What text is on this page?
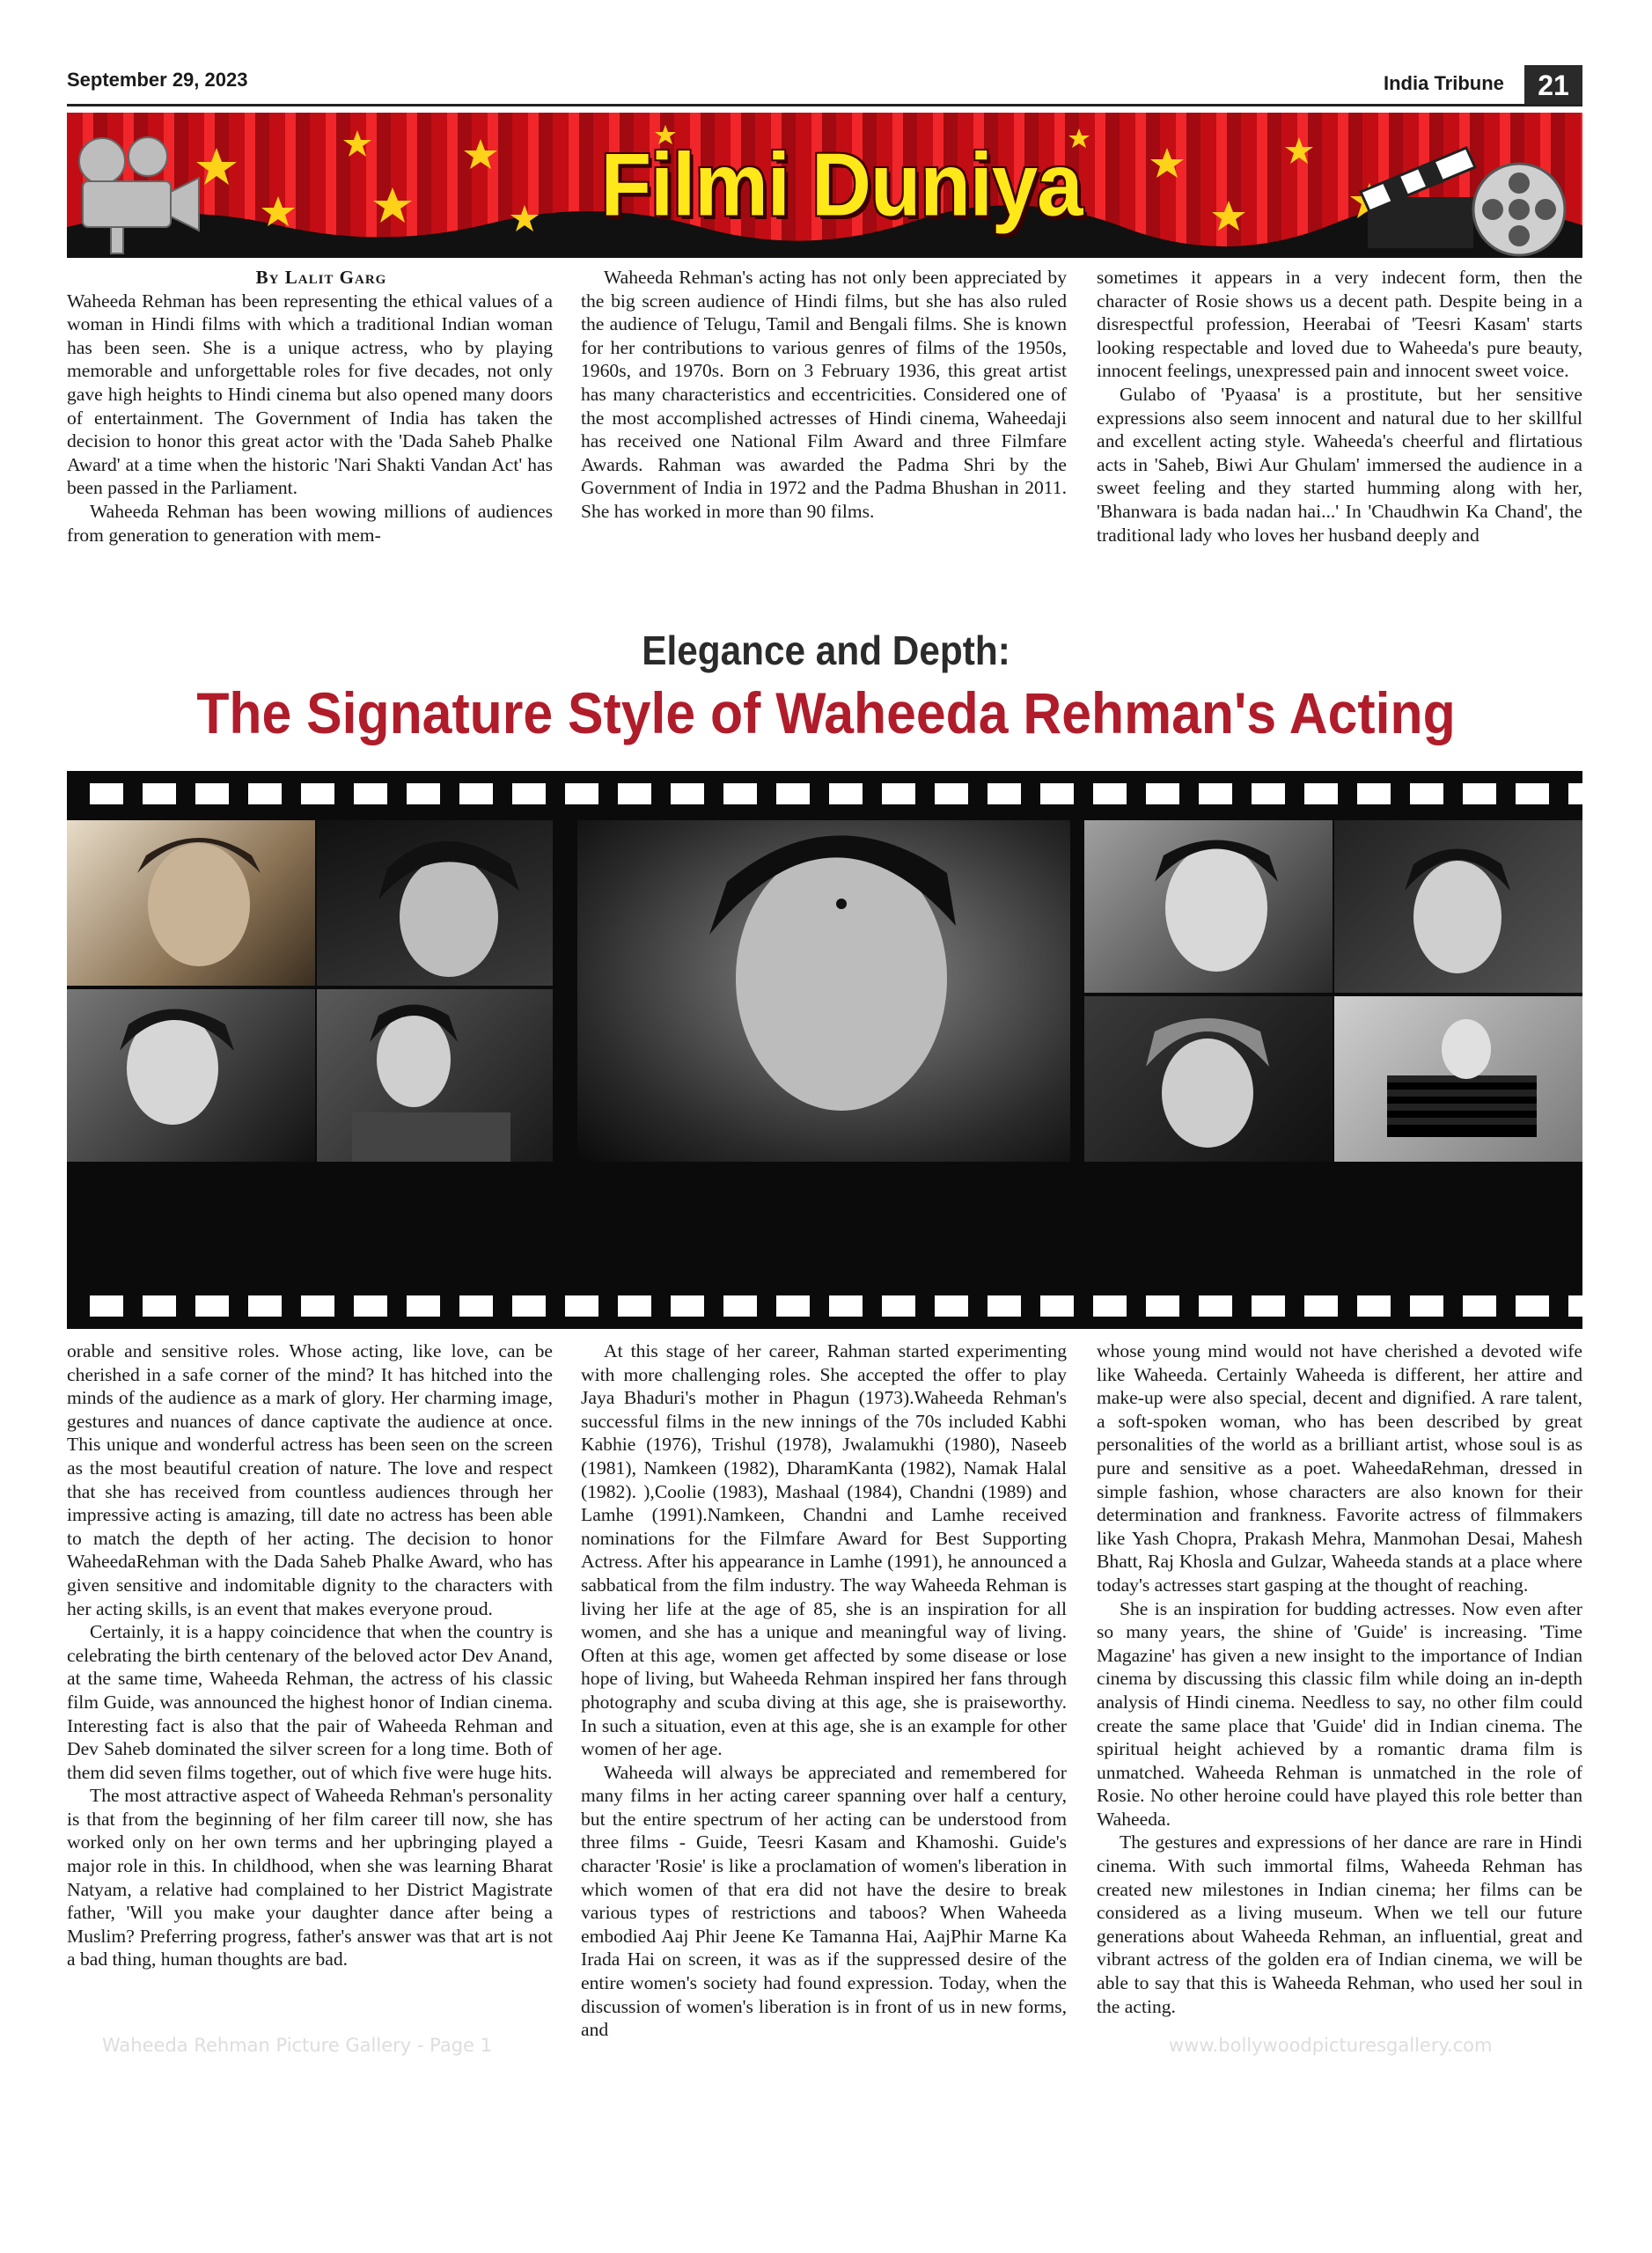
September 29, 2023	India Tribune	21
Filmi Duniya

By Lalit Garg

Waheeda Rehman has been representing the ethical values of a woman in Hindi films with which a traditional Indian woman has been seen. She is a unique actress, who by playing memorable and unforgettable roles for five decades, not only gave high heights to Hindi cinema but also opened many doors of entertainment. The Government of India has taken the decision to honor this great actor with the 'Dada Saheb Phalke Award' at a time when the historic 'Nari Shakti Vandan Act' has been passed in the Parliament.

Waheeda Rehman has been wowing millions of audiences from generation to generation with mem-

Waheeda Rehman's acting has not only been appreciated by the big screen audience of Hindi films, but she has also ruled the audience of Telugu, Tamil and Bengali films. She is known for her contributions to various genres of films of the 1950s, 1960s, and 1970s. Born on 3 February 1936, this great artist has many characteristics and eccentricities. Considered one of the most accomplished actresses of Hindi cinema, Waheedaji has received one National Film Award and three Filmfare Awards. Rahman was awarded the Padma Shri by the Government of India in 1972 and the Padma Bhushan in 2011. She has worked in more than 90 films.

sometimes it appears in a very indecent form, then the character of Rosie shows us a decent path. Despite being in a disrespectful profession, Heerabai of 'Teesri Kasam' starts looking respectable and loved due to Waheeda's pure beauty, innocent feelings, unexpressed pain and innocent sweet voice.

Gulabo of 'Pyaasa' is a prostitute, but her sensitive expressions also seem innocent and natural due to her skillful and excellent acting style. Waheeda's cheerful and flirtatious acts in 'Saheb, Biwi Aur Ghulam' immersed the audience in a sweet feeling and they started humming along with her, 'Bhanwara is bada nadan hai...' In 'Chaudhwin Ka Chand', the traditional lady who loves her husband deeply and

Elegance and Depth:
The Signature Style of Waheeda Rehman's Acting
Waheeda Rehman Picture Gallery - Page 1	www.bollywoodpicturesgallery.com

orable and sensitive roles. Whose acting, like love, can be cherished in a safe corner of the mind? It has hitched into the minds of the audience as a mark of glory. Her charming image, gestures and nuances of dance captivate the audience at once. This unique and wonderful actress has been seen on the screen as the most beautiful creation of nature. The love and respect that she has received from countless audiences through her impressive acting is amazing, till date no actress has been able to match the depth of her acting. The decision to honor WaheedaRehman with the Dada Saheb Phalke Award, who has given sensitive and indomitable dignity to the characters with her acting skills, is an event that makes everyone proud.

Certainly, it is a happy coincidence that when the country is celebrating the birth centenary of the beloved actor Dev Anand, at the same time, Waheeda Rehman, the actress of his classic film Guide, was announced the highest honor of Indian cinema. Interesting fact is also that the pair of Waheeda Rehman and Dev Saheb dominated the silver screen for a long time. Both of them did seven films together, out of which five were huge hits.

The most attractive aspect of Waheeda Rehman's personality is that from the beginning of her film career till now, she has worked only on her own terms and her upbringing played a major role in this. In childhood, when she was learning Bharat Natyam, a relative had complained to her District Magistrate father, 'Will you make your daughter dance after being a Muslim? Preferring progress, father's answer was that art is not a bad thing, human thoughts are bad.

At this stage of her career, Rahman started experimenting with more challenging roles. She accepted the offer to play Jaya Bhaduri's mother in Phagun (1973).Waheeda Rehman's successful films in the new innings of the 70s included Kabhi Kabhie (1976), Trishul (1978), Jwalamukhi (1980), Naseeb (1981), Namkeen (1982), DharamKanta (1982), Namak Halal (1982). ),Coolie (1983), Mashaal (1984), Chandni (1989) and Lamhe (1991).Namkeen, Chandni and Lamhe received nominations for the Filmfare Award for Best Supporting Actress. After his appearance in Lamhe (1991), he announced a sabbatical from the film industry. The way Waheeda Rehman is living her life at the age of 85, she is an inspiration for all women, and she has a unique and meaningful way of living. Often at this age, women get affected by some disease or lose hope of living, but Waheeda Rehman inspired her fans through photography and scuba diving at this age, she is praiseworthy. In such a situation, even at this age, she is an example for other women of her age.

Waheeda will always be appreciated and remembered for many films in her acting career spanning over half a century, but the entire spectrum of her acting can be understood from three films - Guide, Teesri Kasam and Khamoshi. Guide's character 'Rosie' is like a proclamation of women's liberation in which women of that era did not have the desire to break various types of restrictions and taboos? When Waheeda embodied Aaj Phir Jeene Ke Tamanna Hai, AajPhir Marne Ka Irada Hai on screen, it was as if the suppressed desire of the entire women's society had found expression. Today, when the discussion of women's liberation is in front of us in new forms, and

whose young mind would not have cherished a devoted wife like Waheeda. Certainly Waheeda is different, her attire and make-up were also special, decent and dignified. A rare talent, a soft-spoken woman, who has been described by great personalities of the world as a brilliant artist, whose soul is as pure and sensitive as a poet. WaheedaRehman, dressed in simple fashion, whose characters are also known for their determination and frankness. Favorite actress of filmmakers like Yash Chopra, Prakash Mehra, Manmohan Desai, Mahesh Bhatt, Raj Khosla and Gulzar, Waheeda stands at a place where today's actresses start gasping at the thought of reaching.

She is an inspiration for budding actresses. Now even after so many years, the shine of 'Guide' is increasing. 'Time Magazine' has given a new insight to the importance of Indian cinema by discussing this classic film while doing an in-depth analysis of Hindi cinema. Needless to say, no other film could create the same place that 'Guide' did in Indian cinema. The spiritual height achieved by a romantic drama film is unmatched. Waheeda Rehman is unmatched in the role of Rosie. No other heroine could have played this role better than Waheeda.

The gestures and expressions of her dance are rare in Hindi cinema. With such immortal films, Waheeda Rehman has created new milestones in Indian cinema; her films can be considered as a living museum. When we tell our future generations about Waheeda Rehman, an influential, great and vibrant actress of the golden era of Indian cinema, we will be able to say that this is Waheeda Rehman, who used her soul in the acting.
